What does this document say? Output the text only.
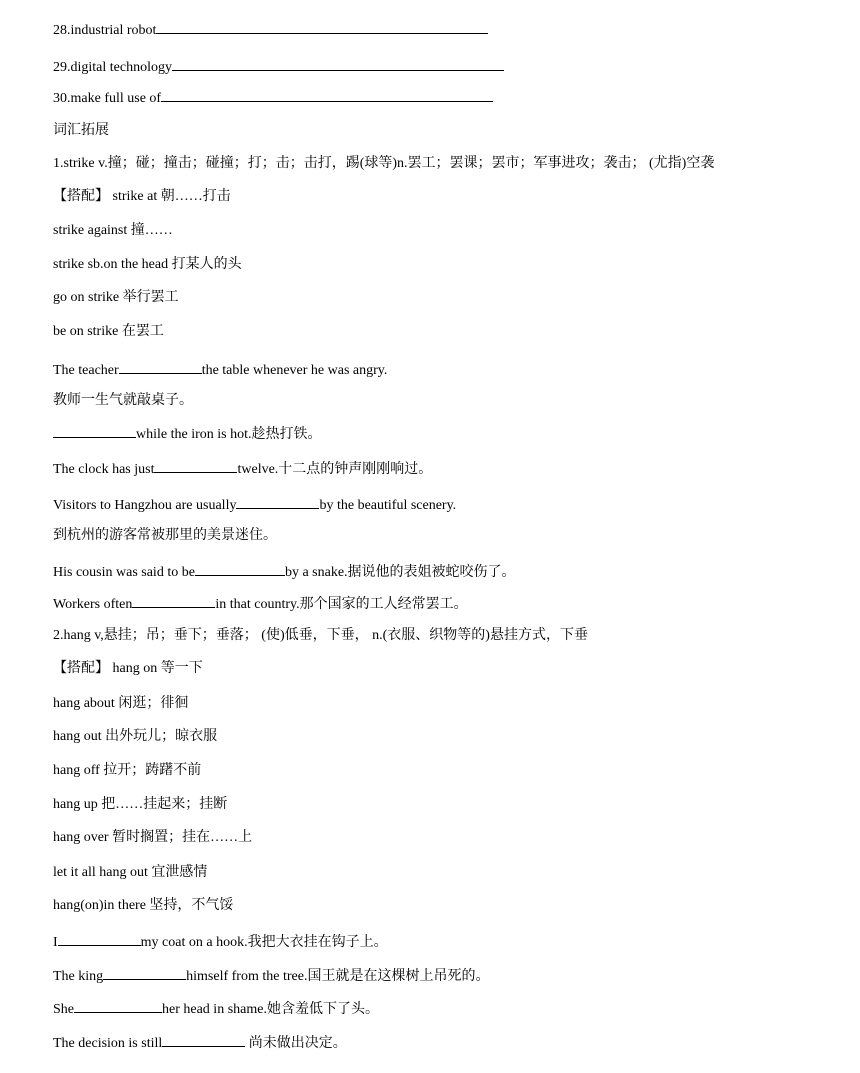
28.industrial robot
29.digital technology
30.make full use of
词汇拓展
1.strike v.撞；碰；撞击；碰撞；打；击；击打，踢(球等)n.罢工；罢课；罢市；军事进攻；袭击； (尤指)空袭
【搭配】 strike at 朝……打击
strike against 撞……
strike sb.on the head 打某人的头
go on strike 举行罢工
be on strike 在罢工
The teacher	the table whenever he was angry.
教师一生气就敲桌子。
while the iron is hot.趁热打铁。
The clock has just	twelve.十二点的钟声刚刚响过。
Visitors to Hangzhou are usually	by the beautiful scenery.
到杭州的游客常被那里的美景迷住。
His cousin was said to be	by a snake.据说他的表姐被蛇咬伤了。
Workers often	in that country.那个国家的工人经常罢工。
2.hang v,悬挂；吊；垂下；垂落； (使)低垂，下垂， n.(衣服、织物等的)悬挂方式，下垂
【搭配】 hang on 等一下
hang about 闲逛；徘徊
hang out 出外玩儿；晾衣服
hang off 拉开；踌躇不前
hang up 把……挂起来；挂断
hang over 暂时搁置；挂在……上
let it all hang out 宜泄感情
hang(on)in there 坚持，不气馁
I	my coat on a hook.我把大衣挂在钩子上。
The king	himself from the tree.国王就是在这棵树上吊死的。
She	her head in shame.她含羞低下了头。
The decision is still	尚未做出决定。
